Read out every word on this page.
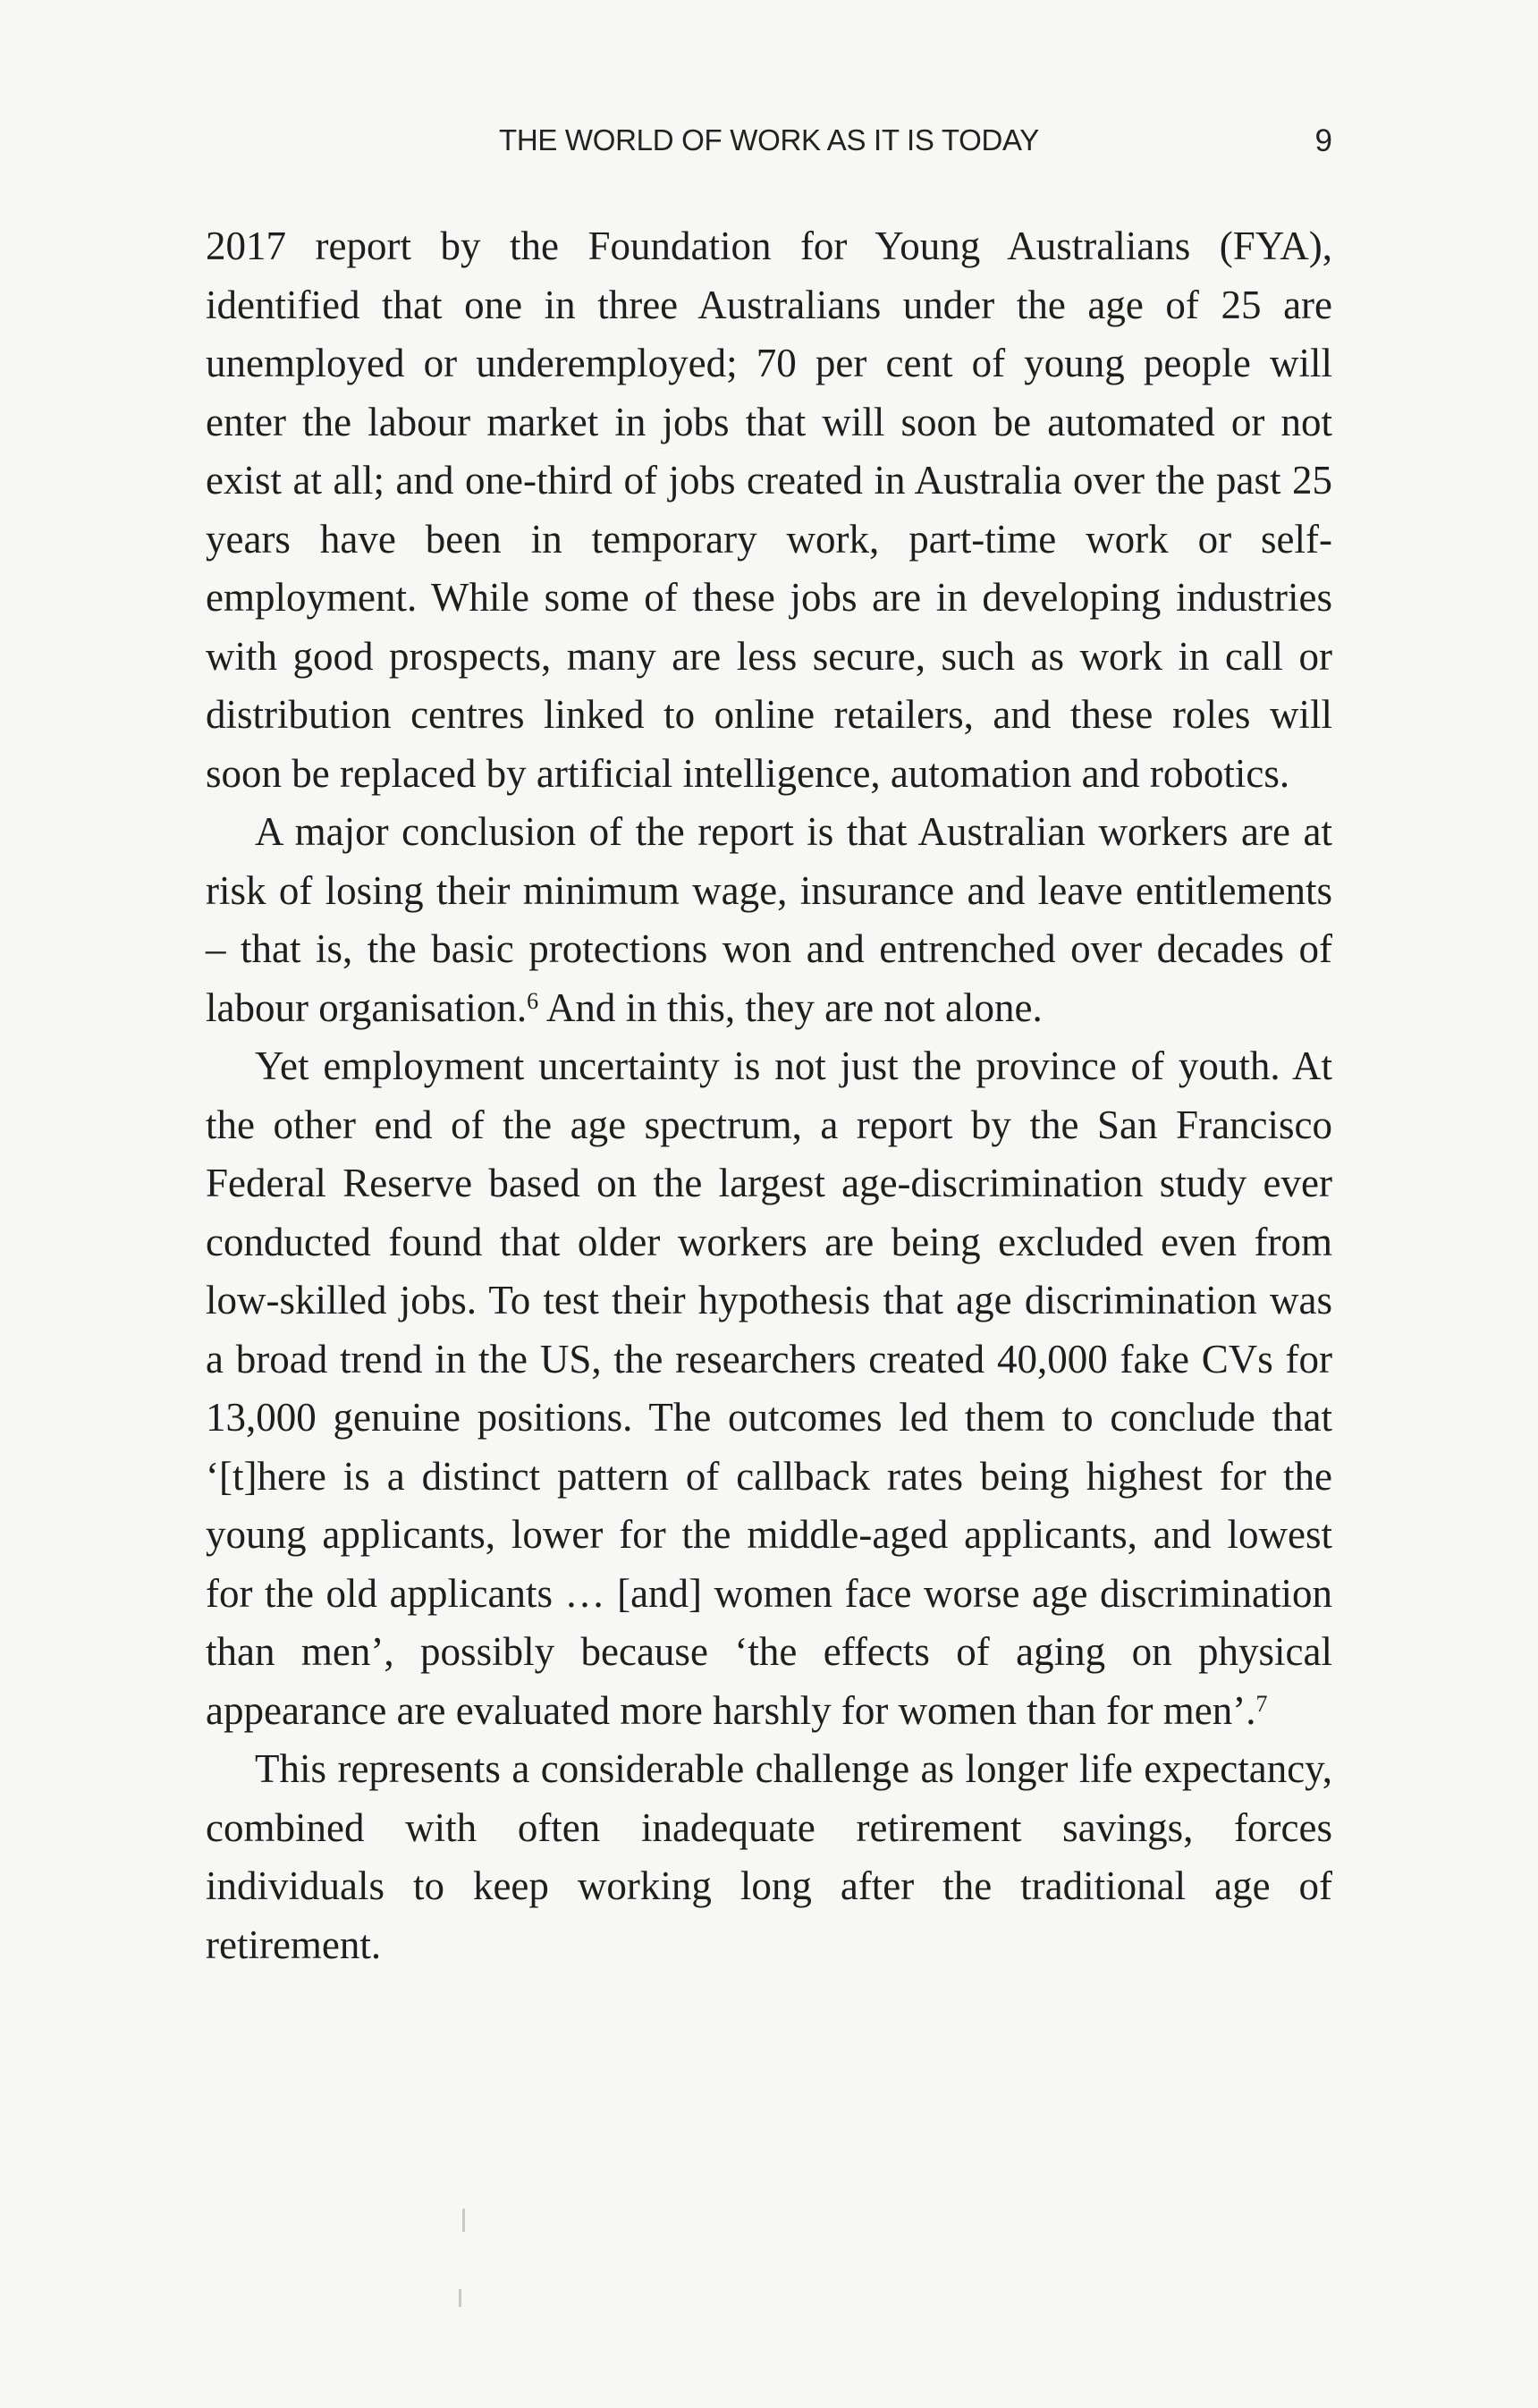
THE WORLD OF WORK AS IT IS TODAY	9

2017 report by the Foundation for Young Australians (FYA), identified that one in three Australians under the age of 25 are unemployed or underemployed; 70 per cent of young people will enter the labour market in jobs that will soon be automated or not exist at all; and one-third of jobs created in Australia over the past 25 years have been in temporary work, part-time work or self-employment. While some of these jobs are in developing industries with good prospects, many are less secure, such as work in call or distribution centres linked to online retailers, and these roles will soon be replaced by artificial intelligence, automation and robotics.

A major conclusion of the report is that Australian workers are at risk of losing their minimum wage, insurance and leave entitlements – that is, the basic protections won and entrenched over decades of labour organisation.$^6$ And in this, they are not alone.

Yet employment uncertainty is not just the province of youth. At the other end of the age spectrum, a report by the San Francisco Federal Reserve based on the largest age-discrimination study ever conducted found that older workers are being excluded even from low-skilled jobs. To test their hypothesis that age discrimination was a broad trend in the US, the researchers created 40,000 fake CVs for 13,000 genuine positions. The outcomes led them to conclude that ‘[t]here is a distinct pattern of callback rates being highest for the young applicants, lower for the middle-aged applicants, and lowest for the old applicants … [and] women face worse age discrimination than men’, possibly because ‘the effects of aging on physical appearance are evaluated more harshly for women than for men’.$^7$

This represents a considerable challenge as longer life expectancy, combined with often inadequate retirement savings, forces individuals to keep working long after the traditional age of retirement.
